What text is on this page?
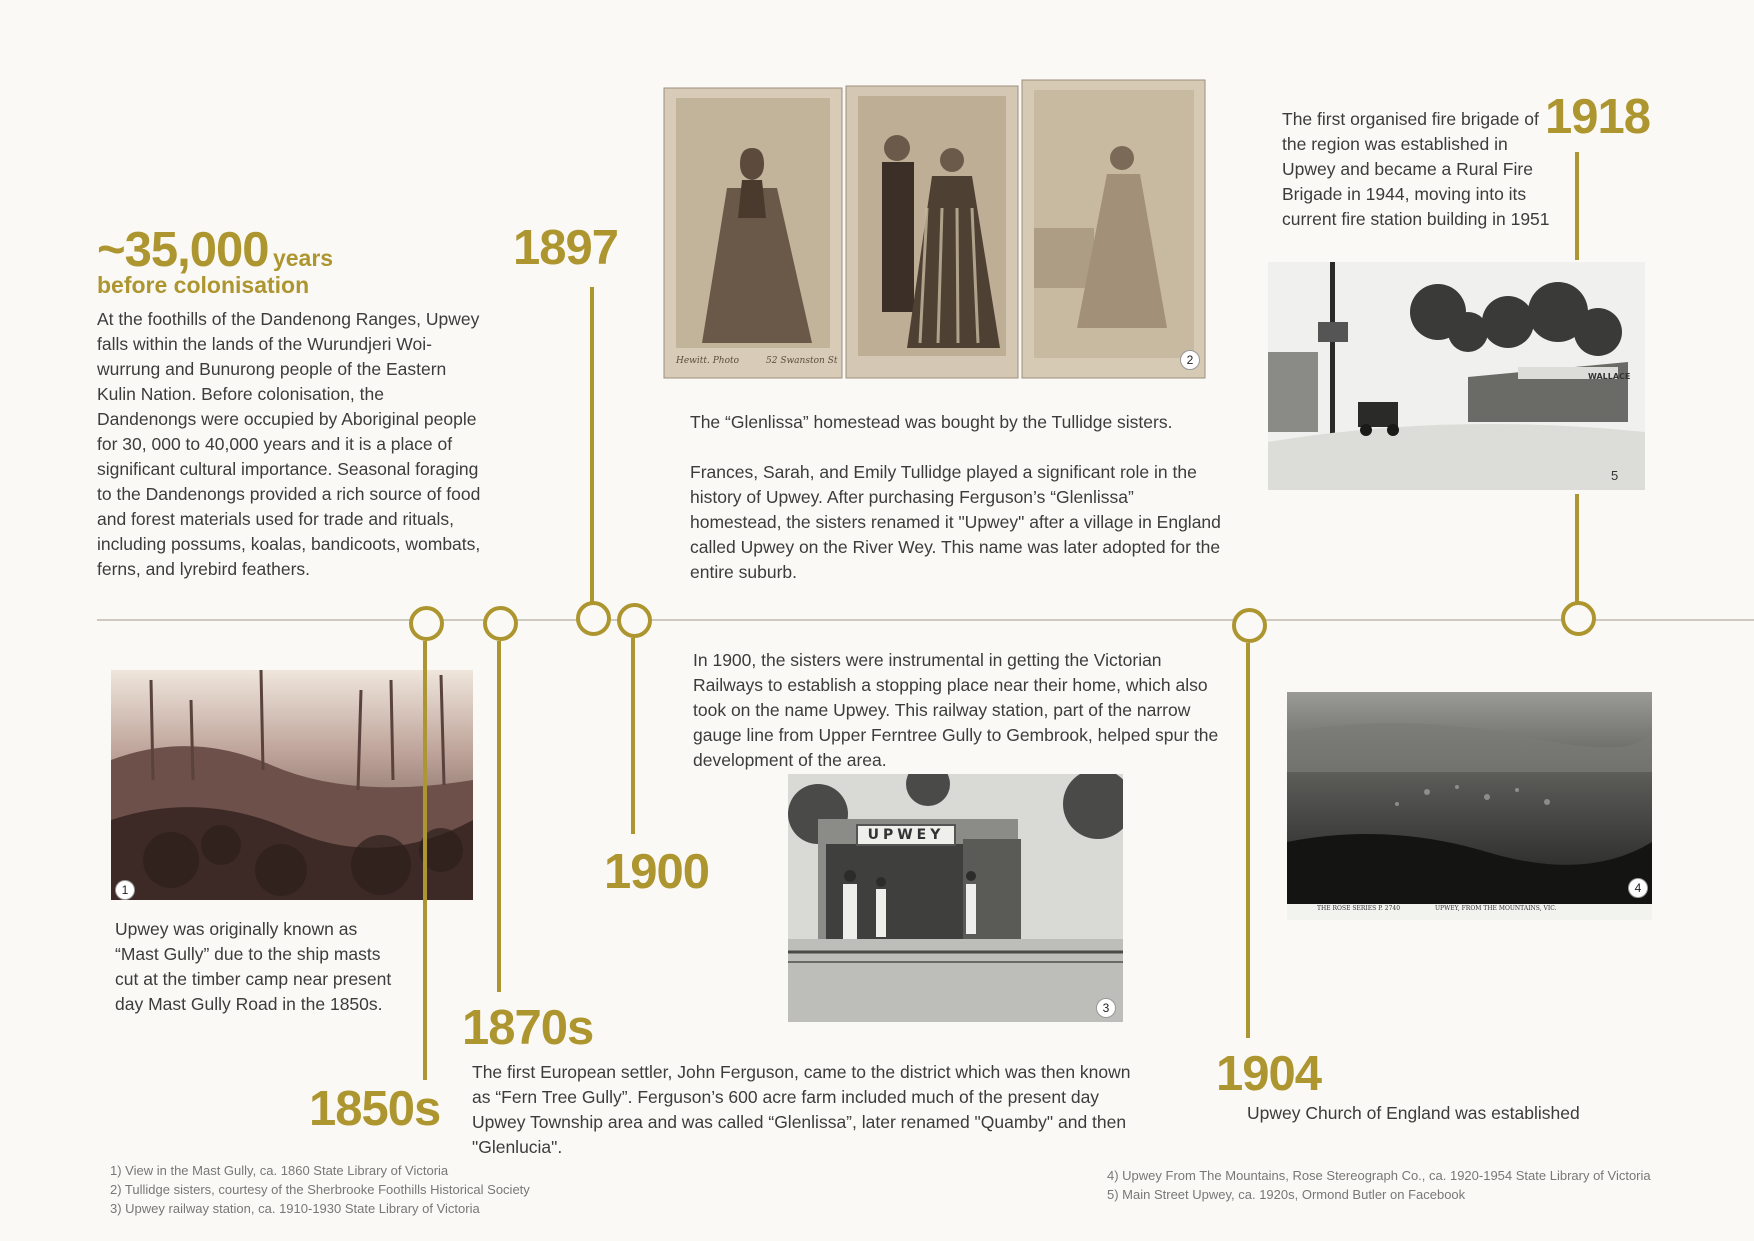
~35,000 years
before colonisation
At the foothills of the Dandenong Ranges, Upwey falls within the lands of the Wurundjeri Woi-wurrung and Bunurong people of the Eastern Kulin Nation. Before colonisation, the Dandenongs were occupied by Aboriginal people for 30, 000 to 40,000 years and it is a place of significant cultural importance. Seasonal foraging to the Dandenongs provided a rich source of food and forest materials used for trade and rituals, including possums, koalas, bandicoots, wombats, ferns, and lyrebird feathers.
1
Upwey was originally known as “Mast Gully” due to the ship masts cut at the timber camp near present day Mast Gully Road in the 1850s.
1850s
1870s
The first European settler, John Ferguson, came to the district which was then known as “Fern Tree Gully”. Ferguson’s 600 acre farm included much of the present day Upwey Township area and was called “Glenlissa”, later renamed "Quamby" and then "Glenlucia".
1897
Hewitt. Photo	52 Swanston St	2
The “Glenlissa” homestead was bought by the Tullidge sisters.
Frances, Sarah, and Emily Tullidge played a significant role in the history of Upwey. After purchasing Ferguson’s “Glenlissa” homestead, the sisters renamed it "Upwey" after a village in England called Upwey on the River Wey. This name was later adopted for the entire suburb.
1900
In 1900, the sisters were instrumental in getting the Victorian Railways to establish a stopping place near their home, which also took on the name Upwey. This railway station, part of the narrow gauge line from Upper Ferntree Gully to Gembrook, helped spur the development of the area.
UPWEY
3
1904
Upwey Church of England was established
THE ROSE SERIES P. 2740	UPWEY, FROM THE MOUNTAINS, VIC.
4
The first organised fire brigade of the region was established in Upwey and became a Rural Fire Brigade in 1944, moving into its current fire station building in 1951
1918
WALLACE
5
1) View in the Mast Gully, ca. 1860 State Library of Victoria
2) Tullidge sisters, courtesy of the Sherbrooke Foothills Historical Society
3) Upwey railway station, ca. 1910-1930 State Library of Victoria
4) Upwey From The Mountains, Rose Stereograph Co., ca. 1920-1954 State Library of Victoria
5) Main Street Upwey, ca. 1920s, Ormond Butler on Facebook
